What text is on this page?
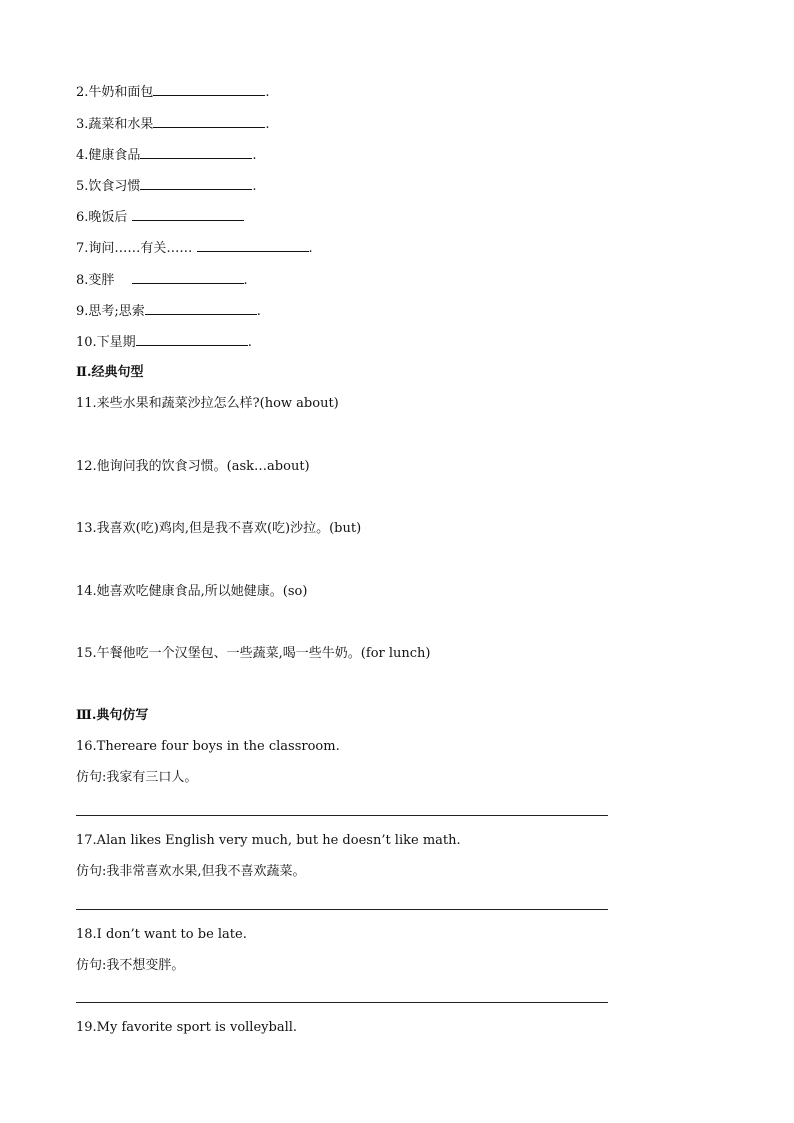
2.牛奶和面包	.
3.蔬菜和水果	.
4.健康食品	.
5.饮食习惯	.
6.晚饭后
7.询问……有关……	.
8.变胖　	.
9.思考;思索	.
10.下星期	.
Ⅱ.经典句型
11.来些水果和蔬菜沙拉怎么样?(how about)
12.他询问我的饮食习惯。(ask…about)
13.我喜欢(吃)鸡肉,但是我不喜欢(吃)沙拉。(but)
14.她喜欢吃健康食品,所以她健康。(so)
15.午餐他吃一个汉堡包、一些蔬菜,喝一些牛奶。(for lunch)
Ⅲ.典句仿写
16.Thereare four boys in the classroom.
仿句:我家有三口人。
17.Alan likes English very much, but he doesn’t like math.
仿句:我非常喜欢水果,但我不喜欢蔬菜。
18.I don’t want to be late.
仿句:我不想变胖。
19.My favorite sport is volleyball.
